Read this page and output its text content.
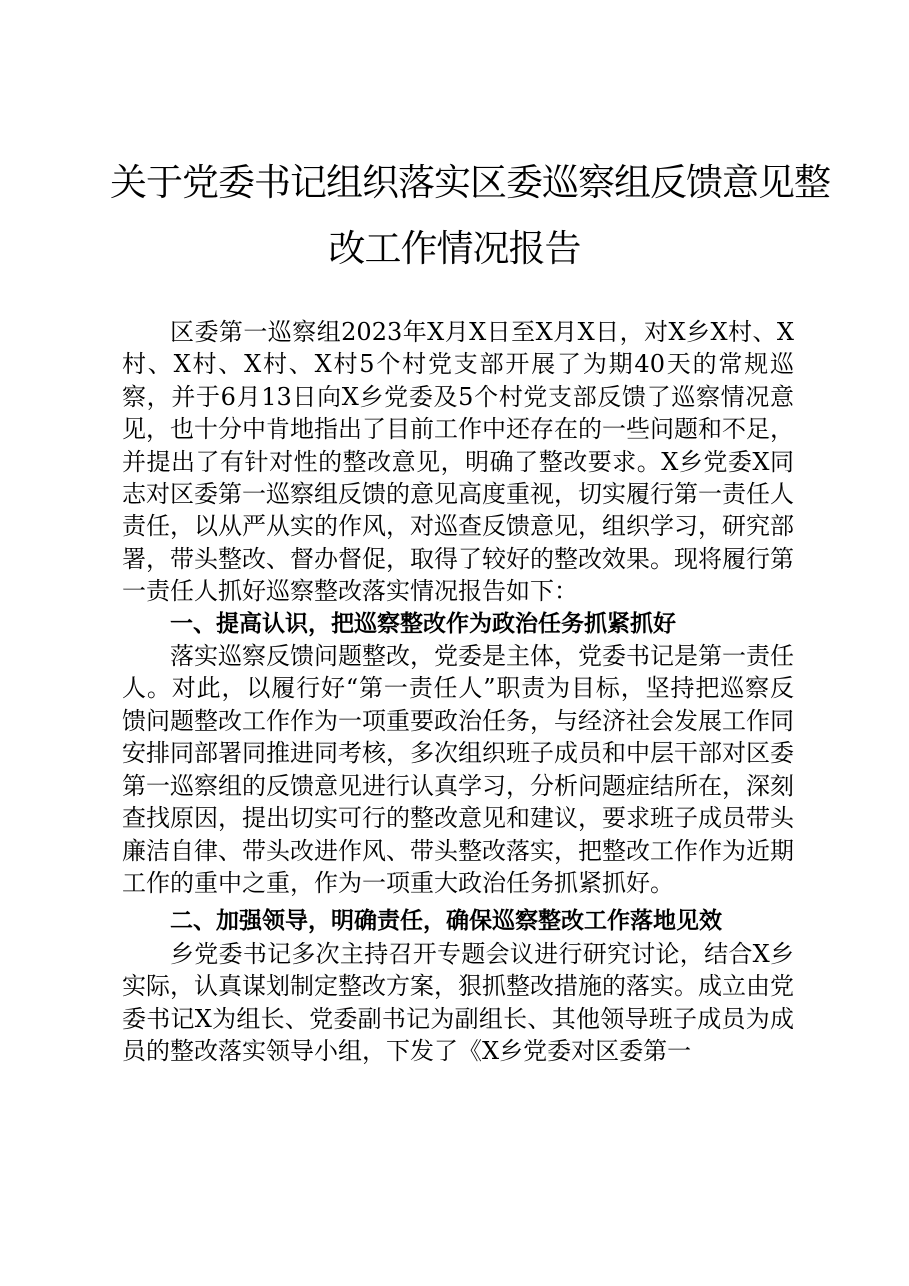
关于党委书记组织落实区委巡察组反馈意见整
改工作情况报告

区委第一巡察组2023年X月X日至X月X日，对X乡X村、X村、X村、X村、X村5个村党支部开展了为期40天的常规巡察，并于6月13日向X乡党委及5个村党支部反馈了巡察情况意见，也十分中肯地指出了目前工作中还存在的一些问题和不足，并提出了有针对性的整改意见，明确了整改要求。X乡党委X同志对区委第一巡察组反馈的意见高度重视，切实履行第一责任人责任，以从严从实的作风，对巡查反馈意见，组织学习，研究部署，带头整改、督办督促，取得了较好的整改效果。现将履行第一责任人抓好巡察整改落实情况报告如下：

一、提高认识，把巡察整改作为政治任务抓紧抓好

落实巡察反馈问题整改，党委是主体，党委书记是第一责任人。对此，以履行好“第一责任人”职责为目标，坚持把巡察反馈问题整改工作作为一项重要政治任务，与经济社会发展工作同安排同部署同推进同考核，多次组织班子成员和中层干部对区委第一巡察组的反馈意见进行认真学习，分析问题症结所在，深刻查找原因，提出切实可行的整改意见和建议，要求班子成员带头廉洁自律、带头改进作风、带头整改落实，把整改工作作为近期工作的重中之重，作为一项重大政治任务抓紧抓好。

二、加强领导，明确责任，确保巡察整改工作落地见效

乡党委书记多次主持召开专题会议进行研究讨论，结合X乡实际，认真谋划制定整改方案，狠抓整改措施的落实。成立由党委书记X为组长、党委副书记为副组长、其他领导班子成员为成员的整改落实领导小组，下发了《X乡党委对区委第一
